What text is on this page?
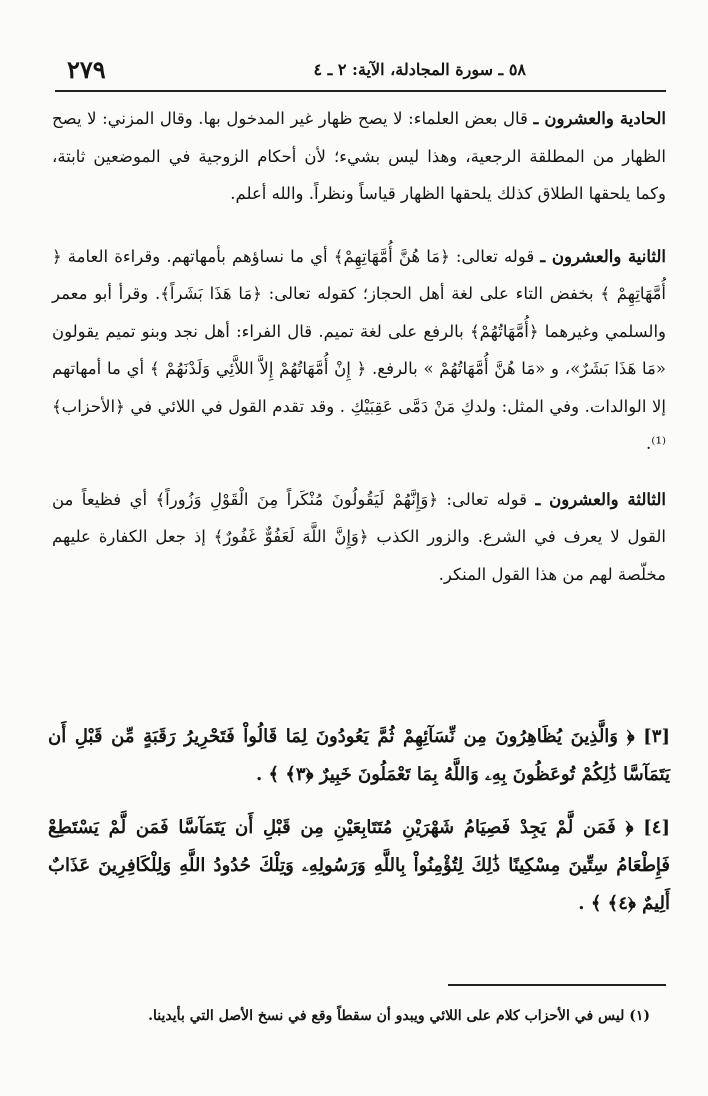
٢٧٩	٥٨ ـ سورة المجادلة، الآية: ٢ ـ ٤

الحادية والعشرون ـ قال بعض العلماء: لا يصح ظهار غير المدخول بها. وقال المزني: لا يصح الظهار من المطلقة الرجعية، وهذا ليس بشيء؛ لأن أحكام الزوجية في الموضعين ثابتة، وكما يلحقها الطلاق كذلك يلحقها الظهار قياساً ونظراً. والله أعلم.

الثانية والعشرون ـ قوله تعالى: ﴿مَا هُنَّ أُمَّهَاتِهِمْ﴾ أي ما نساؤهم بأمهاتهم. وقراءة العامة ﴿ أُمَّهَاتِهِمْ ﴾ بخفض التاء على لغة أهل الحجاز؛ كقوله تعالى: ﴿مَا هَذَا بَشَراً﴾. وقرأ أبو معمر والسلمي وغيرهما ﴿أُمَّهَاتُهُمْ﴾ بالرفع على لغة تميم. قال الفراء: أهل نجد وبنو تميم يقولون «مَا هَذَا بَشَرٌ»، و «مَا هُنَّ أُمَّهَاتُهُمْ » بالرفع. ﴿ إِنْ أُمَّهَاتُهُمْ إِلاَّ اللاَّئِي وَلَدْنَهُمْ ﴾ أي ما أمهاتهم إلا الوالدات. وفي المثل: ولدكِ مَنْ دَمَّى عَقِبَيْكِ . وقد تقدم القول في اللائي في ﴿الأحزاب﴾⁽¹⁾.

الثالثة والعشرون ـ قوله تعالى: ﴿وَإِنَّهُمْ لَيَقُولُونَ مُنْكَراً مِنَ الْقَوْلِ وَزُوراً﴾ أي فظيعاً من القول لا يعرف في الشرع. والزور الكذب ﴿وَإِنَّ اللَّهَ لَعَفُوٌّ غَفُورٌ﴾ إذ جعل الكفارة عليهم مخلّصة لهم من هذا القول المنكر.

[٣] ﴿ وَالَّذِينَ يُظَاهِرُونَ مِن نِّسَآئِهِمْ ثُمَّ يَعُودُونَ لِمَا قَالُواْ فَتَحْرِيرُ رَقَبَةٍ مِّن قَبْلِ أَن يَتَمَآسَّا ذَٰلِكُمْ تُوعَظُونَ بِهِۦ وَاللَّهُ بِمَا تَعْمَلُونَ خَبِيرٌ ﴿٣﴾ ﴾ .

[٤] ﴿ فَمَن لَّمْ يَجِدْ فَصِيَامُ شَهْرَيْنِ مُتَتَابِعَيْنِ مِن قَبْلِ أَن يَتَمَآسَّا فَمَن لَّمْ يَسْتَطِعْ فَإِطْعَامُ سِتِّينَ مِسْكِينًا ذَٰلِكَ لِتُؤْمِنُواْ بِاللَّهِ وَرَسُولِهِۦ وَتِلْكَ حُدُودُ اللَّهِ وَلِلْكَافِرِينَ عَذَابٌ أَلِيمٌ ﴿٤﴾ ﴾ .

(١) ليس في الأحزاب كلام على اللائي ويبدو أن سقطاً وقع في نسخ الأصل التي بأيدينا.
